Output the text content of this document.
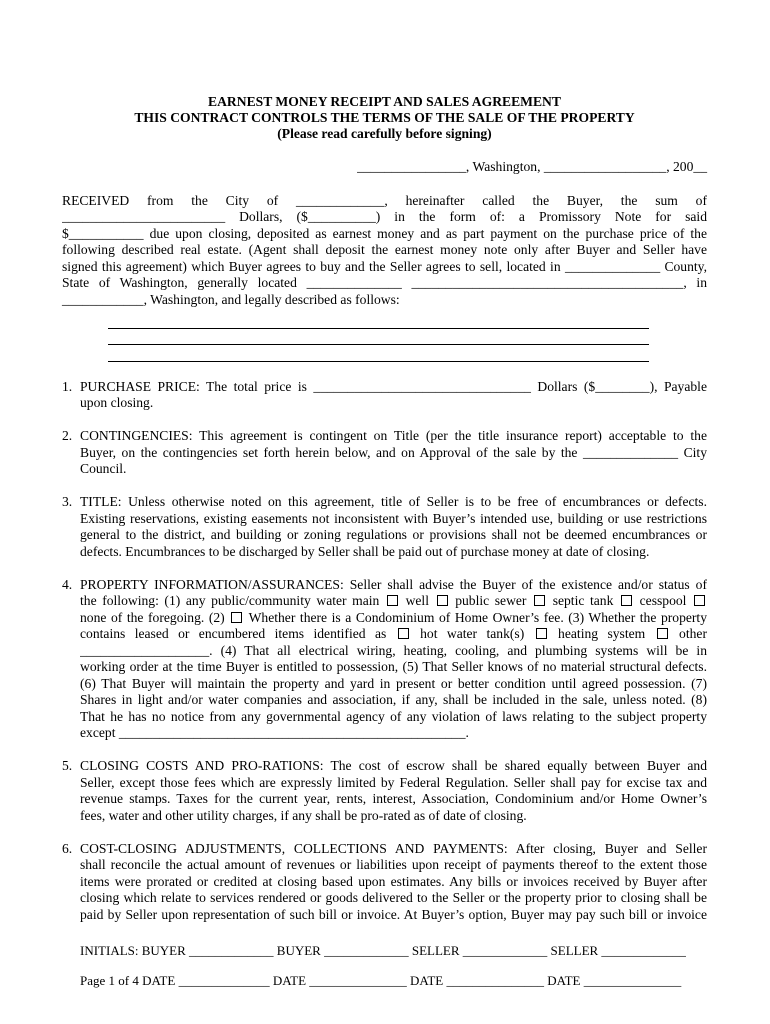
EARNEST MONEY RECEIPT AND SALES AGREEMENT
THIS CONTRACT CONTROLS THE TERMS OF THE SALE OF THE PROPERTY
(Please read carefully before signing)
________________, Washington, __________________, 200__
RECEIVED from the City of _____________, hereinafter called the Buyer, the sum of
________________________ Dollars, ($__________) in the form of: a Promissory Note for said
$___________ due upon closing, deposited as earnest money and as part payment on the purchase price of the
following described real estate. (Agent shall deposit the earnest money note only after Buyer and Seller have
signed this agreement) which Buyer agrees to buy and the Seller agrees to sell, located in ______________ County,
State of Washington, generally located ______________ ________________________________________, in
____________, Washington, and legally described as follows:
1. PURCHASE PRICE: The total price is ________________________________ Dollars ($________), Payable
upon closing.
2. CONTINGENCIES: This agreement is contingent on Title (per the title insurance report) acceptable to the
Buyer, on the contingencies set forth herein below, and on Approval of the sale by the ______________ City
Council.
3. TITLE: Unless otherwise noted on this agreement, title of Seller is to be free of encumbrances or defects.
Existing reservations, existing easements not inconsistent with Buyer’s intended use, building or use restrictions
general to the district, and building or zoning regulations or provisions shall not be deemed encumbrances or
defects. Encumbrances to be discharged by Seller shall be paid out of purchase money at date of closing.
4. PROPERTY INFORMATION/ASSURANCES: Seller shall advise the Buyer of the existence and/or status of
the following: (1) any public/community water main well public sewer septic tank cesspool
none of the foregoing. (2) Whether there is a Condominium of Home Owner’s fee. (3) Whether the property
contains leased or encumbered items identified as hot water tank(s) heating system other
___________________. (4) That all electrical wiring, heating, cooling, and plumbing systems will be in
working order at the time Buyer is entitled to possession, (5) That Seller knows of no material structural defects.
(6) That Buyer will maintain the property and yard in present or better condition until agreed possession. (7)
Shares in light and/or water companies and association, if any, shall be included in the sale, unless noted. (8)
That he has no notice from any governmental agency of any violation of laws relating to the subject property
except ___________________________________________________.
5. CLOSING COSTS AND PRO-RATIONS: The cost of escrow shall be shared equally between Buyer and
Seller, except those fees which are expressly limited by Federal Regulation. Seller shall pay for excise tax and
revenue stamps. Taxes for the current year, rents, interest, Association, Condominium and/or Home Owner’s
fees, water and other utility charges, if any shall be pro-rated as of date of closing.
6. COST-CLOSING ADJUSTMENTS, COLLECTIONS AND PAYMENTS: After closing, Buyer and Seller
shall reconcile the actual amount of revenues or liabilities upon receipt of payments thereof to the extent those
items were prorated or credited at closing based upon estimates. Any bills or invoices received by Buyer after
closing which relate to services rendered or goods delivered to the Seller or the property prior to closing shall be
paid by Seller upon representation of such bill or invoice. At Buyer’s option, Buyer may pay such bill or invoice
INITIALS: BUYER _____________ BUYER _____________ SELLER _____________ SELLER _____________
Page 1 of 4 DATE ______________ DATE _______________ DATE _______________ DATE _______________
